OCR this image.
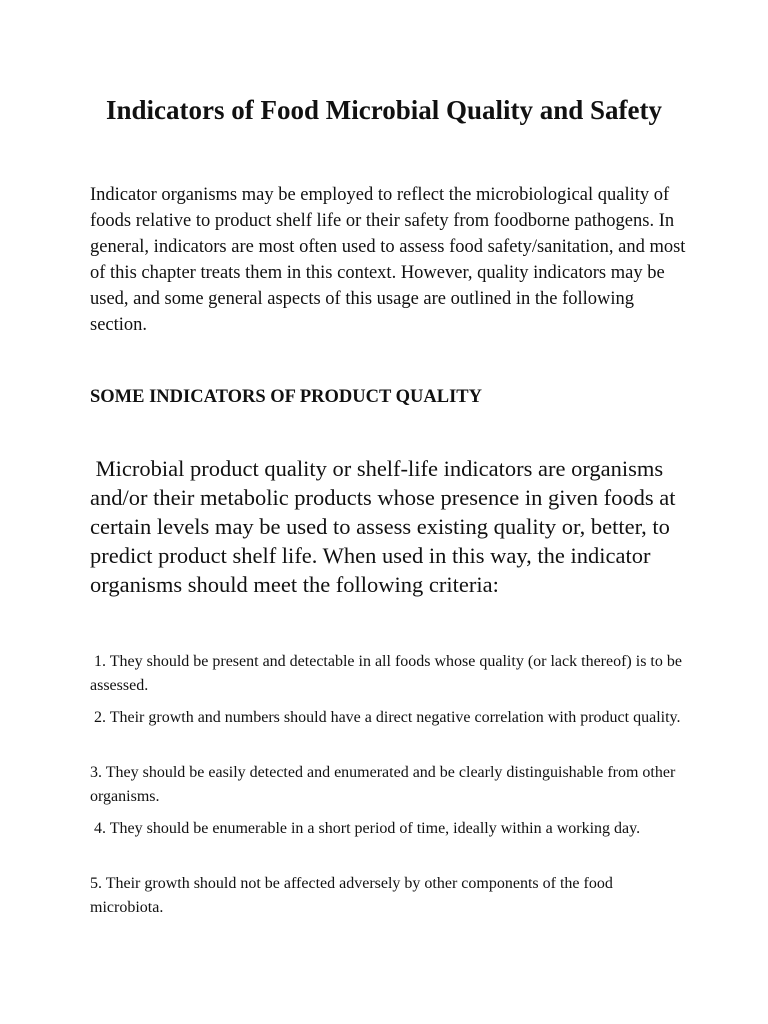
Indicators of Food Microbial Quality and Safety

Indicator organisms may be employed to reflect the microbiological quality of foods relative to product shelf life or their safety from foodborne pathogens. In general, indicators are most often used to assess food safety/sanitation, and most of this chapter treats them in this context. However, quality indicators may be used, and some general aspects of this usage are outlined in the following section.

SOME INDICATORS OF PRODUCT QUALITY

Microbial product quality or shelf-life indicators are organisms and/or their metabolic products whose presence in given foods at certain levels may be used to assess existing quality or, better, to predict product shelf life. When used in this way, the indicator organisms should meet the following criteria:

1. They should be present and detectable in all foods whose quality (or lack thereof) is to be assessed.
2. Their growth and numbers should have a direct negative correlation with product quality.
3. They should be easily detected and enumerated and be clearly distinguishable from other organisms.
4. They should be enumerable in a short period of time, ideally within a working day.
5. Their growth should not be affected adversely by other components of the food microbiota.
